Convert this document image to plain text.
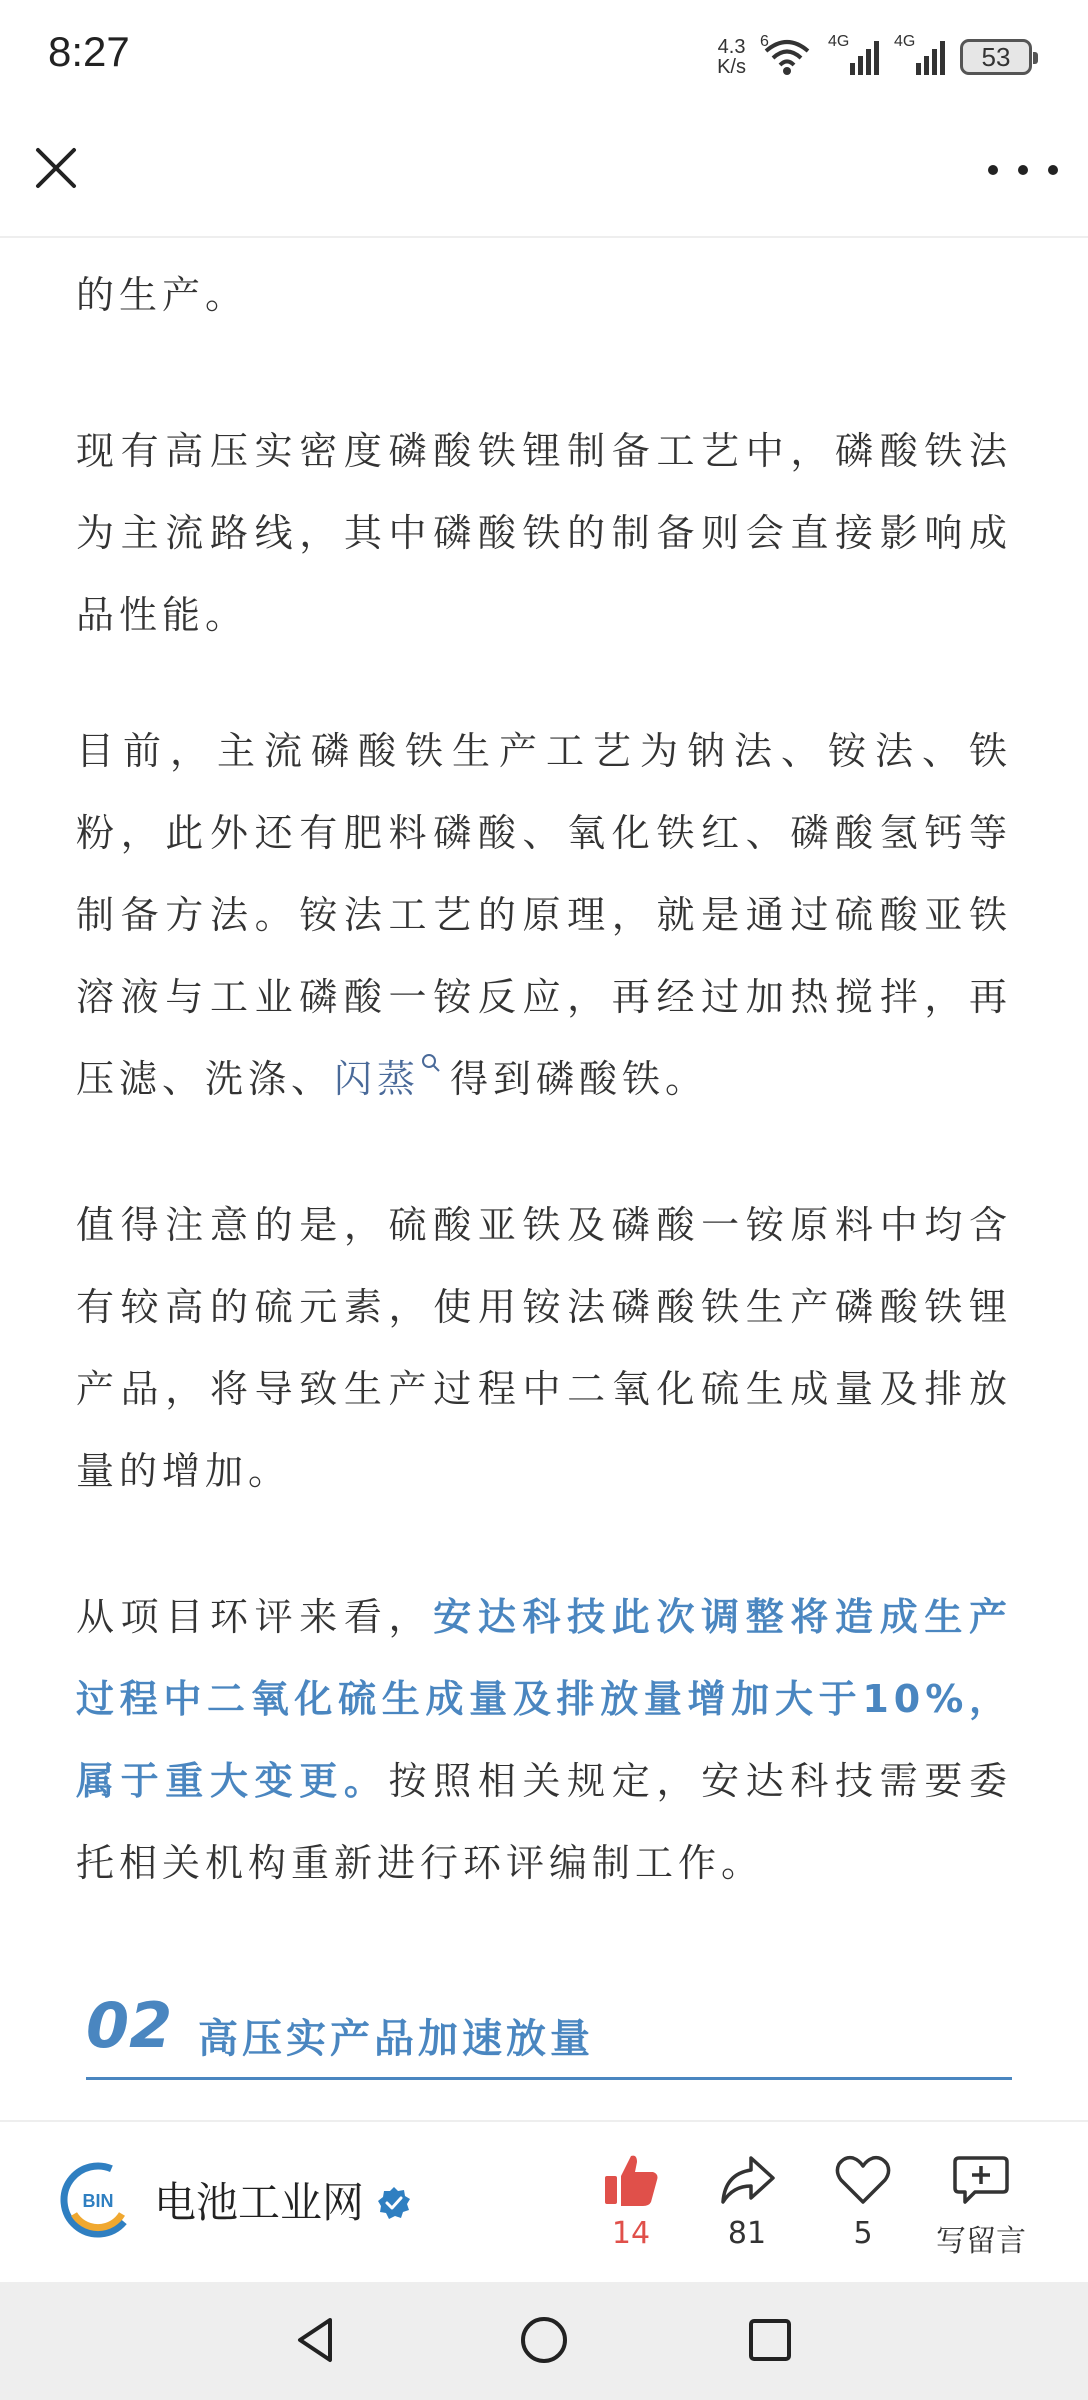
8:27	4.3
K/s
6	4G	4G	53

的生产。

现有高压实密度磷酸铁锂制备工艺中，磷酸铁法为主流路线，其中磷酸铁的制备则会直接影响成品性能。

目前，主流磷酸铁生产工艺为钠法、铵法、铁粉，此外还有肥料磷酸、氧化铁红、磷酸氢钙等制备方法。铵法工艺的原理，就是通过硫酸亚铁溶液与工业磷酸一铵反应，再经过加热搅拌，再压滤、洗涤、闪蒸 得到磷酸铁。

值得注意的是，硫酸亚铁及磷酸一铵原料中均含有较高的硫元素，使用铵法磷酸铁生产磷酸铁锂产品，将导致生产过程中二氧化硫生成量及排放量的增加。

从项目环评来看，安达科技此次调整将造成生产过程中二氧化硫生成量及排放量增加大于10%，属于重大变更。按照相关规定，安达科技需要委托相关机构重新进行环评编制工作。

02 高压实产品加速放量
BIN 电池工业网
14	81	5	写留言
